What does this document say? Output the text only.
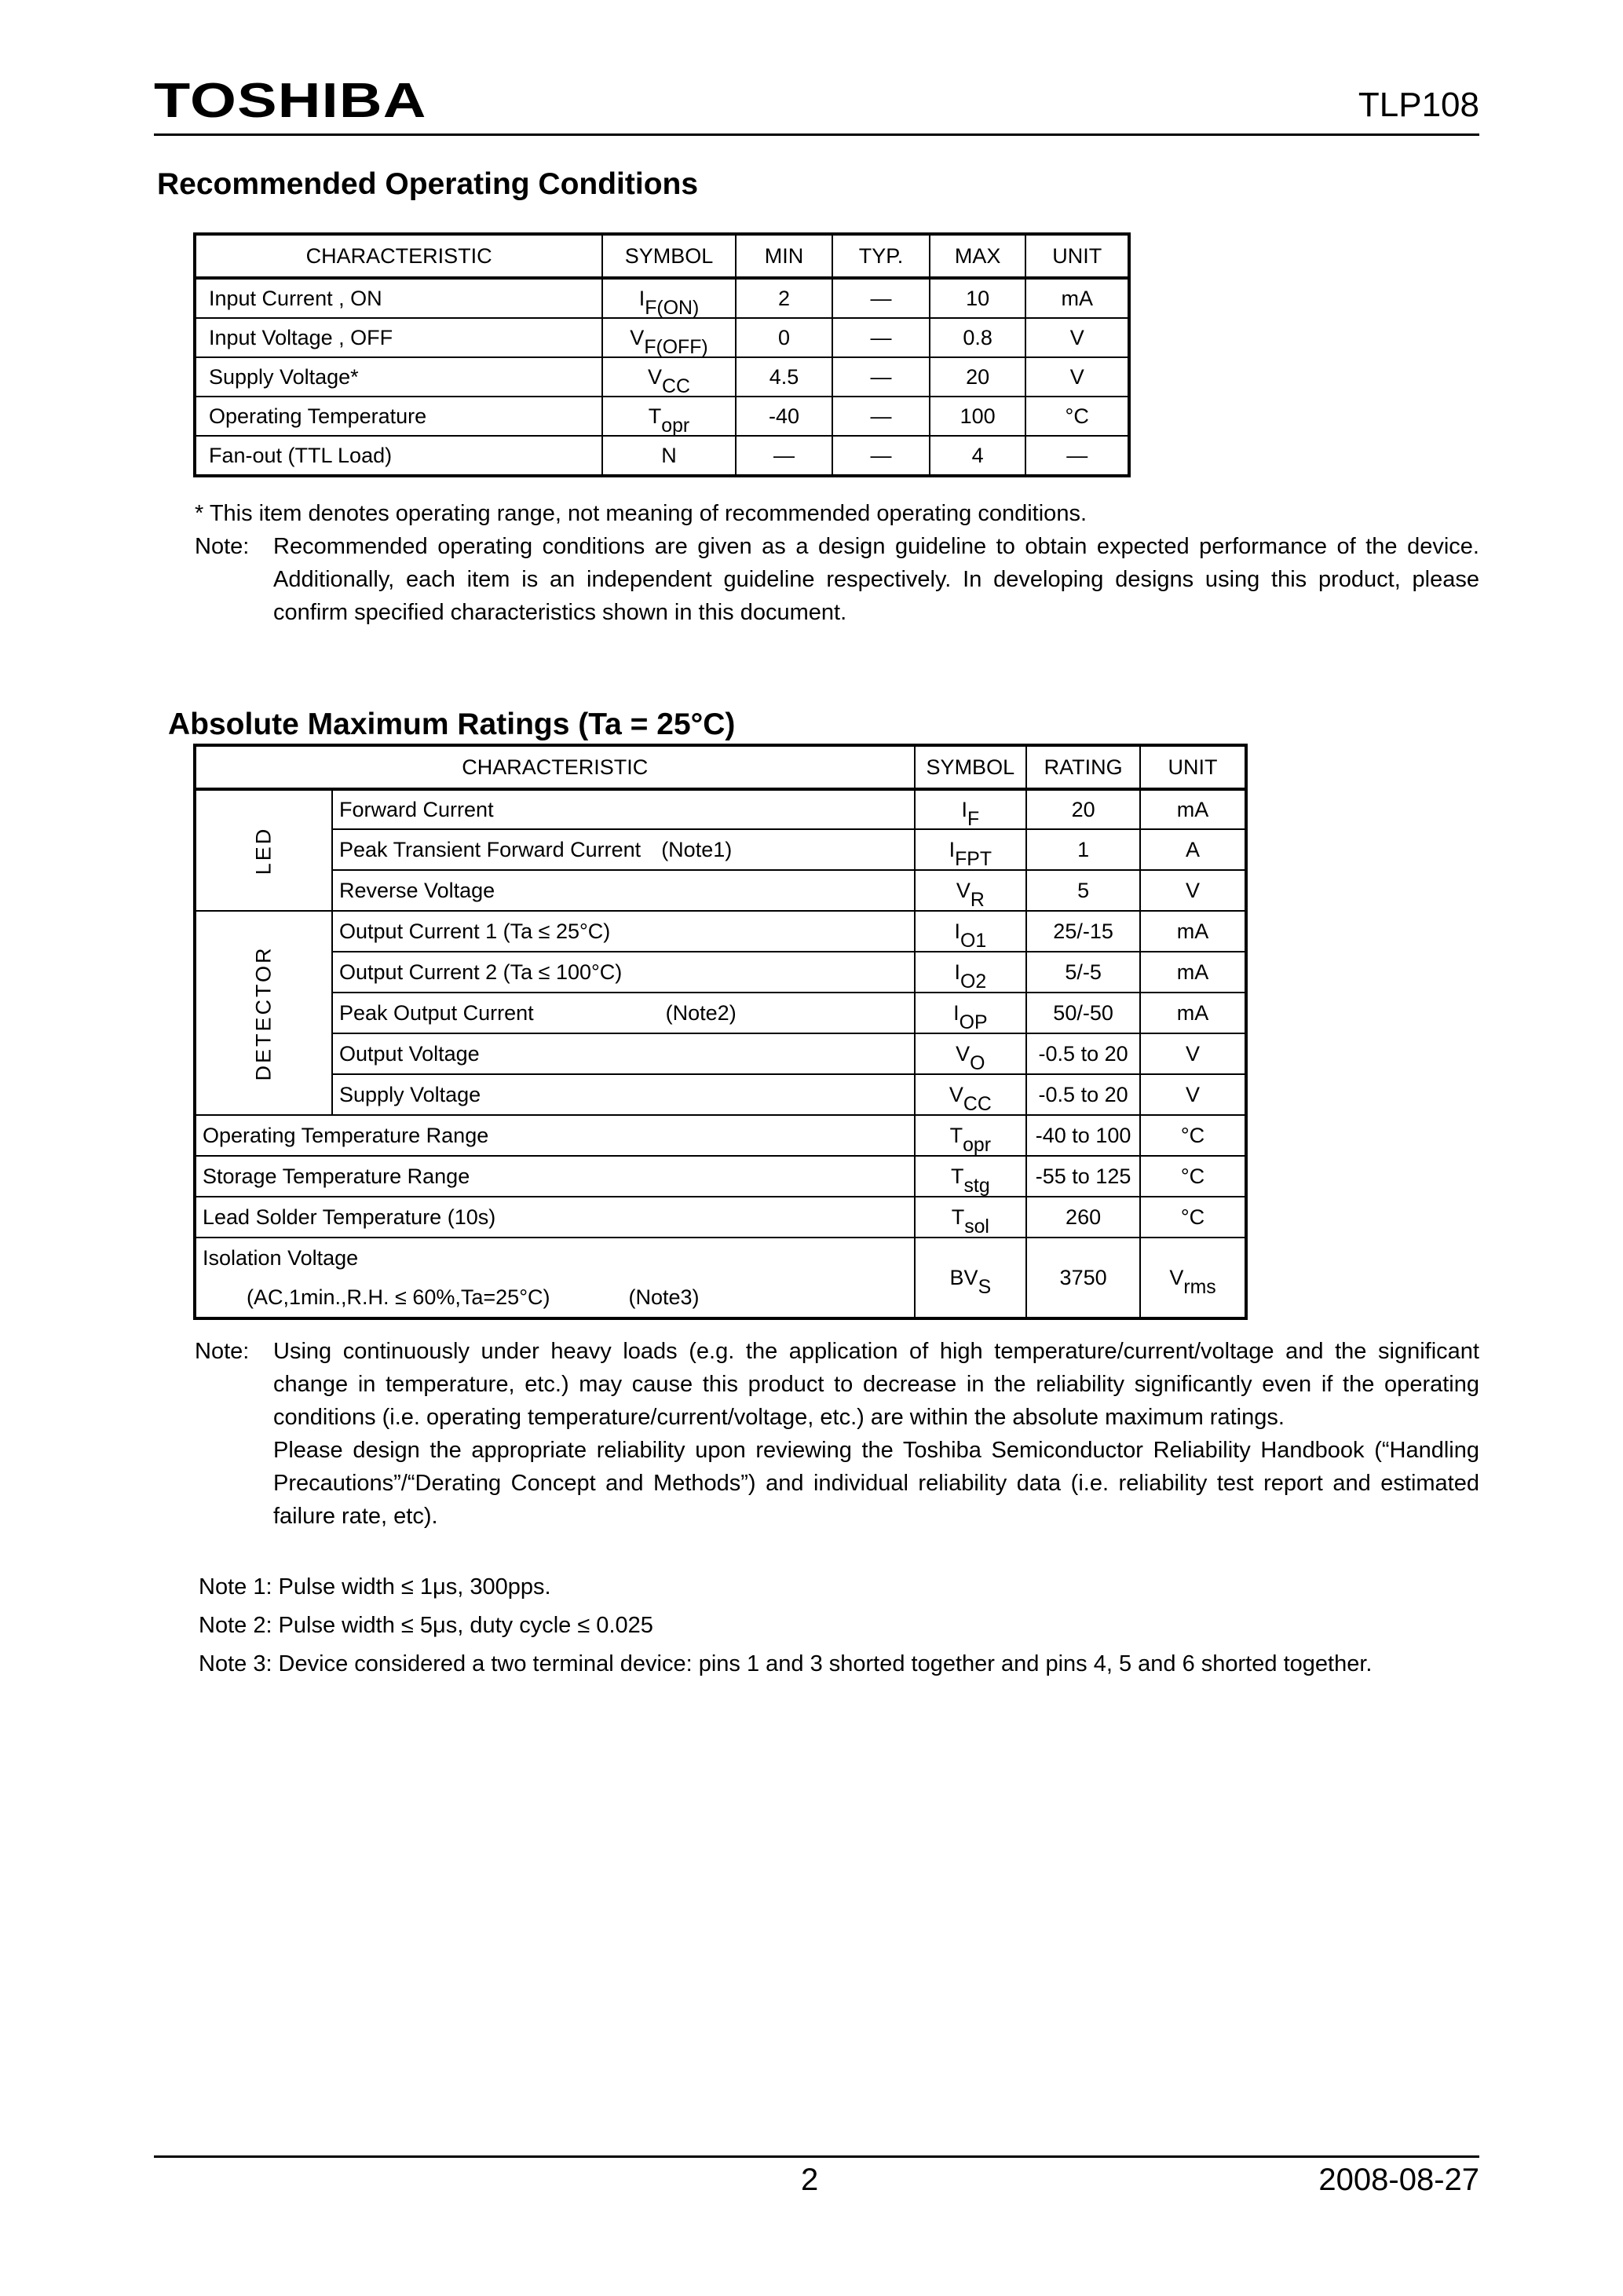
TOSHIBA	TLP108
Recommended Operating Conditions
CHARACTERISTIC	SYMBOL	MIN	TYP.	MAX	UNIT
Input Current , ON	$I_{F(ON)}$	2	—	10	mA
Input Voltage , OFF	$V_{F(OFF)}$	0	—	0.8	V
Supply Voltage*	$V_{CC}$	4.5	—	20	V
Operating Temperature	$T_{opr}$	-40	—	100	°C
Fan-out (TTL Load)	N	—	—	4	—
* This item denotes operating range, not meaning of recommended operating conditions.
Note:	Recommended operating conditions are given as a design guideline to obtain expected performance of the device. Additionally, each item is an independent guideline respectively. In developing designs using this product, please confirm specified characteristics shown in this document.
Absolute Maximum Ratings (Ta = 25°C)
CHARACTERISTIC		SYMBOL	RATING	UNIT
LED	Forward Current	$I_F$	20	mA
	Peak Transient Forward Current (Note1)	$I_{FPT}$	1	A
	Reverse Voltage	$V_R$	5	V
DETECTOR	Output Current 1 (Ta ≤ 25°C)	$I_{O1}$	25/-15	mA
	Output Current 2 (Ta ≤ 100°C)	$I_{O2}$	5/-5	mA
	Peak Output Current (Note2)	$I_{OP}$	50/-50	mA
	Output Voltage	$V_O$	-0.5 to 20	V
	Supply Voltage	$V_{CC}$	-0.5 to 20	V
Operating Temperature Range		$T_{opr}$	-40 to 100	°C
Storage Temperature Range		$T_{stg}$	-55 to 125	°C
Lead Solder Temperature (10s)		$T_{sol}$	260	°C

Isolation Voltage
(AC,1min.,R.H. ≤ 60%,Ta=25°C) (Note3)		$BV_S$	3750	$V_{rms}$
Note:	Using continuously under heavy loads (e.g. the application of high temperature/current/voltage and the significant change in temperature, etc.) may cause this product to decrease in the reliability significantly even if the operating conditions (i.e. operating temperature/current/voltage, etc.) are within the absolute maximum ratings.
Please design the appropriate reliability upon reviewing the Toshiba Semiconductor Reliability Handbook (“Handling Precautions”/“Derating Concept and Methods”) and individual reliability data (i.e. reliability test report and estimated failure rate, etc).
Note 1: Pulse width ≤ 1μs, 300pps.
Note 2: Pulse width ≤ 5μs, duty cycle ≤ 0.025
Note 3: Device considered a two terminal device: pins 1 and 3 shorted together and pins 4, 5 and 6 shorted together.
2	2008-08-27
